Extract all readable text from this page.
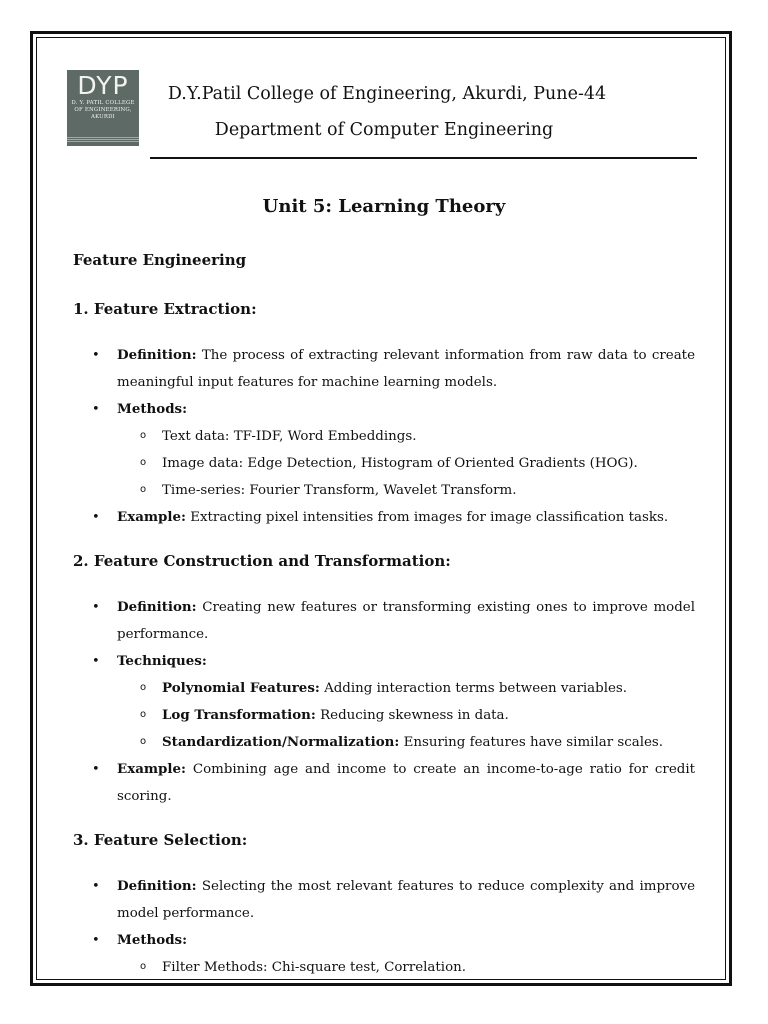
DYP
D. Y. PATIL COLLEGE
OF ENGINEERING,
AKURDI
D.Y.Patil College of Engineering, Akurdi, Pune-44
Department of Computer Engineering
Unit 5: Learning Theory
Feature Engineering
1. Feature Extraction:
• Definition: The process of extracting relevant information from raw data to create meaningful input features for machine learning models.
• Methods:
o Text data: TF-IDF, Word Embeddings.
o Image data: Edge Detection, Histogram of Oriented Gradients (HOG).
o Time-series: Fourier Transform, Wavelet Transform.
• Example: Extracting pixel intensities from images for image classification tasks.
2. Feature Construction and Transformation:
• Definition: Creating new features or transforming existing ones to improve model performance.
• Techniques:
o Polynomial Features: Adding interaction terms between variables.
o Log Transformation: Reducing skewness in data.
o Standardization/Normalization: Ensuring features have similar scales.
• Example: Combining age and income to create an income-to-age ratio for credit scoring.
3. Feature Selection:
• Definition: Selecting the most relevant features to reduce complexity and improve model performance.
• Methods:
o Filter Methods: Chi-square test, Correlation.
